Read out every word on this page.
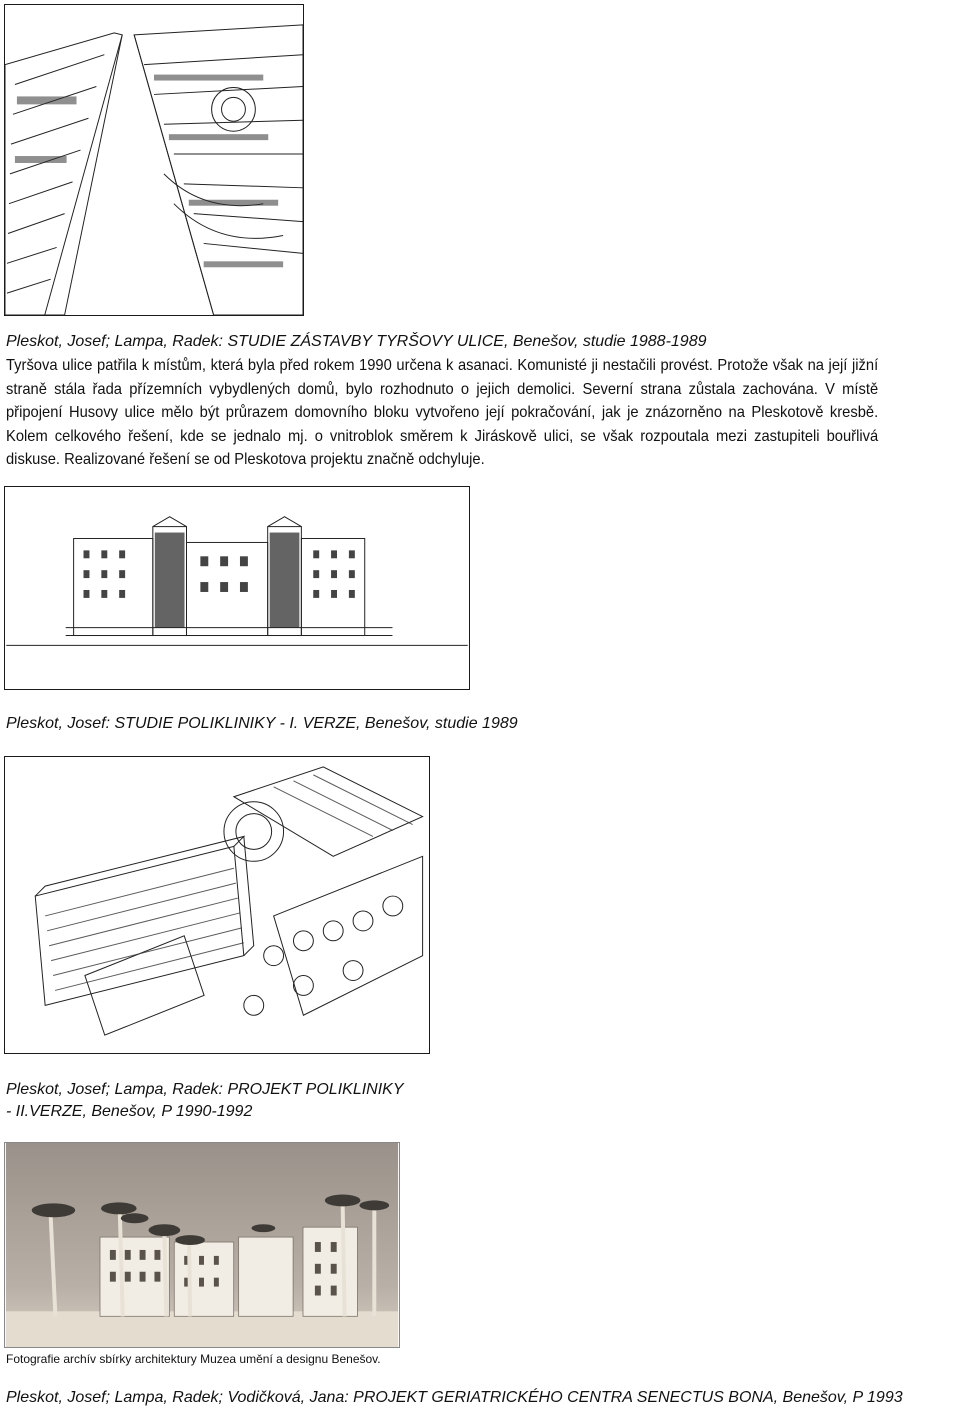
Pleskot, Josef; Lampa, Radek: STUDIE ZÁSTAVBY TYRŠOVY ULICE, Benešov, studie 1988-1989

Tyršova ulice patřila k místům, která byla před rokem 1990 určena k asanaci. Komunisté ji nestačili provést. Protože však na její jižní straně stála řada přízemních vybydlených domů, bylo rozhodnuto o jejich demolici. Severní strana zůstala zachována. V místě připojení Husovy ulice mělo být průrazem domovního bloku vytvořeno její pokračování, jak je znázorněno na Pleskotově kresbě. Kolem celkového řešení, kde se jednalo mj. o vnitroblok směrem k Jiráskově ulici, se však rozpoutala mezi zastupiteli bouřlivá diskuse. Realizované řešení se od Pleskotova projektu značně odchyluje.

Pleskot, Josef: STUDIE POLIKLINIKY - I. VERZE, Benešov, studie 1989
Pleskot, Josef; Lampa, Radek: PROJEKT POLIKLINIKY
- II.VERZE, Benešov, P 1990-1992
Fotografie archív sbírky architektury Muzea umění a designu Benešov.
Pleskot, Josef; Lampa, Radek; Vodičková, Jana: PROJEKT GERIATRICKÉHO CENTRA SENECTUS BONA, Benešov, P 1993
